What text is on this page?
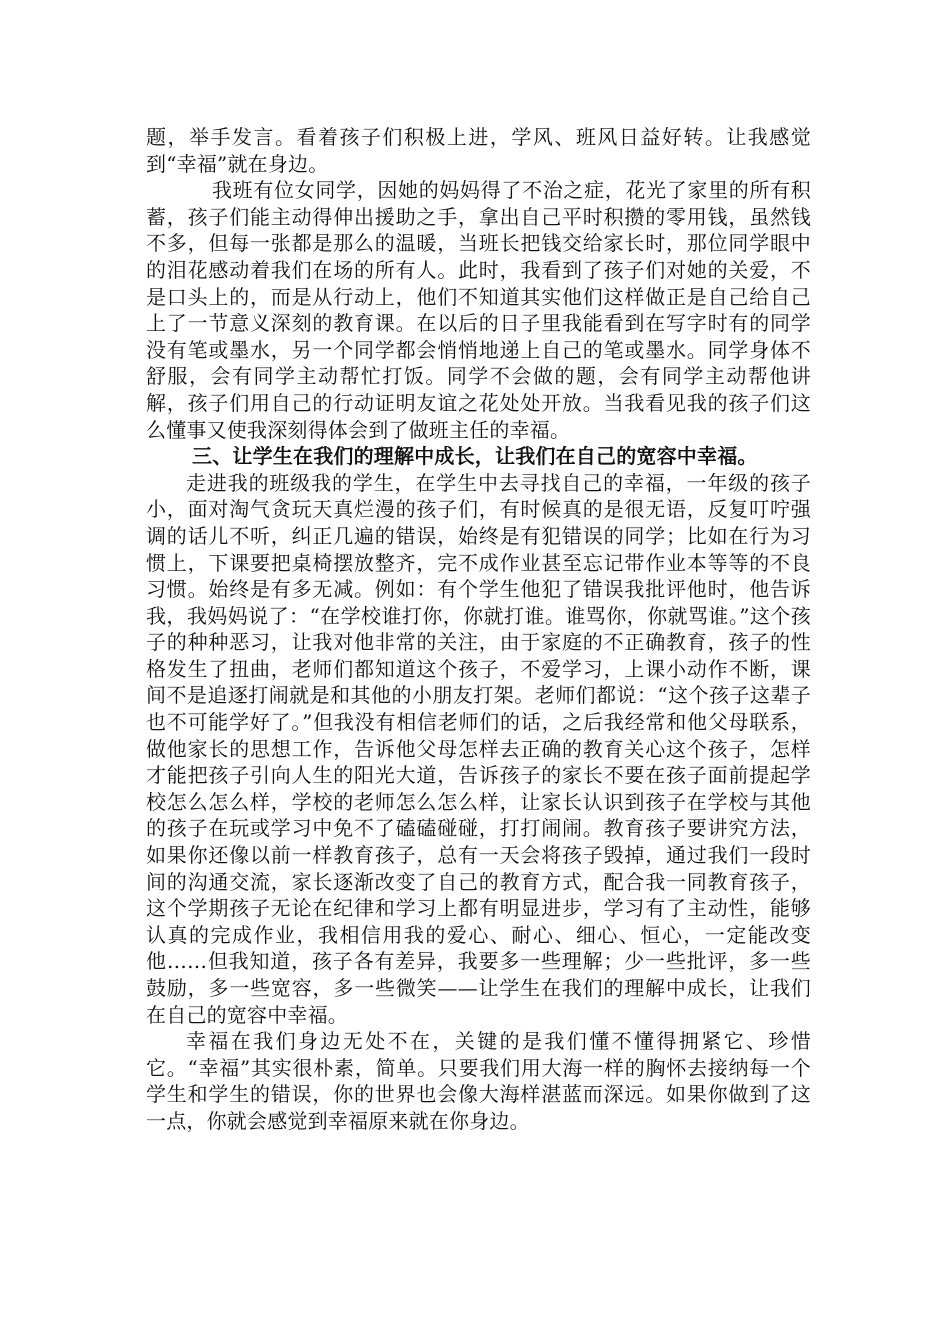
题，举手发言。看着孩子们积极上进，学风、班风日益好转。让我感觉到“幸福”就在身边。

我班有位女同学，因她的妈妈得了不治之症，花光了家里的所有积蓄，孩子们能主动得伸出援助之手，拿出自己平时积攒的零用钱，虽然钱不多，但每一张都是那么的温暖，当班长把钱交给家长时，那位同学眼中的泪花感动着我们在场的所有人。此时，我看到了孩子们对她的关爱，不是口头上的，而是从行动上，他们不知道其实他们这样做正是自己给自己上了一节意义深刻的教育课。在以后的日子里我能看到在写字时有的同学没有笔或墨水，另一个同学都会悄悄地递上自己的笔或墨水。同学身体不舒服，会有同学主动帮忙打饭。同学不会做的题，会有同学主动帮他讲解，孩子们用自己的行动证明友谊之花处处开放。当我看见我的孩子们这么懂事又使我深刻得体会到了做班主任的幸福。

三、让学生在我们的理解中成长，让我们在自己的宽容中幸福。

走进我的班级我的学生，在学生中去寻找自己的幸福，一年级的孩子小，面对淘气贪玩天真烂漫的孩子们，有时候真的是很无语，反复叮咛强调的话儿不听，纠正几遍的错误，始终是有犯错误的同学；比如在行为习惯上，下课要把桌椅摆放整齐，完不成作业甚至忘记带作业本等等的不良习惯。始终是有多无减。例如：有个学生他犯了错误我批评他时，他告诉我，我妈妈说了：“在学校谁打你，你就打谁。谁骂你，你就骂谁。”这个孩子的种种恶习，让我对他非常的关注，由于家庭的不正确教育，孩子的性格发生了扭曲，老师们都知道这个孩子，不爱学习，上课小动作不断，课间不是追逐打闹就是和其他的小朋友打架。老师们都说：“这个孩子这辈子也不可能学好了。”但我没有相信老师们的话，之后我经常和他父母联系，做他家长的思想工作，告诉他父母怎样去正确的教育关心这个孩子，怎样才能把孩子引向人生的阳光大道，告诉孩子的家长不要在孩子面前提起学校怎么怎么样，学校的老师怎么怎么样，让家长认识到孩子在学校与其他的孩子在玩或学习中免不了磕磕碰碰，打打闹闹。教育孩子要讲究方法，如果你还像以前一样教育孩子，总有一天会将孩子毁掉，通过我们一段时间的沟通交流，家长逐渐改变了自己的教育方式，配合我一同教育孩子，这个学期孩子无论在纪律和学习上都有明显进步，学习有了主动性，能够认真的完成作业，我相信用我的爱心、耐心、细心、恒心，一定能改变他……但我知道，孩子各有差异，我要多一些理解；少一些批评，多一些鼓励，多一些宽容，多一些微笑——让学生在我们的理解中成长，让我们在自己的宽容中幸福。

幸福在我们身边无处不在，关键的是我们懂不懂得拥紧它、珍惜它。“幸福”其实很朴素，简单。只要我们用大海一样的胸怀去接纳每一个学生和学生的错误，你的世界也会像大海样湛蓝而深远。如果你做到了这一点，你就会感觉到幸福原来就在你身边。
